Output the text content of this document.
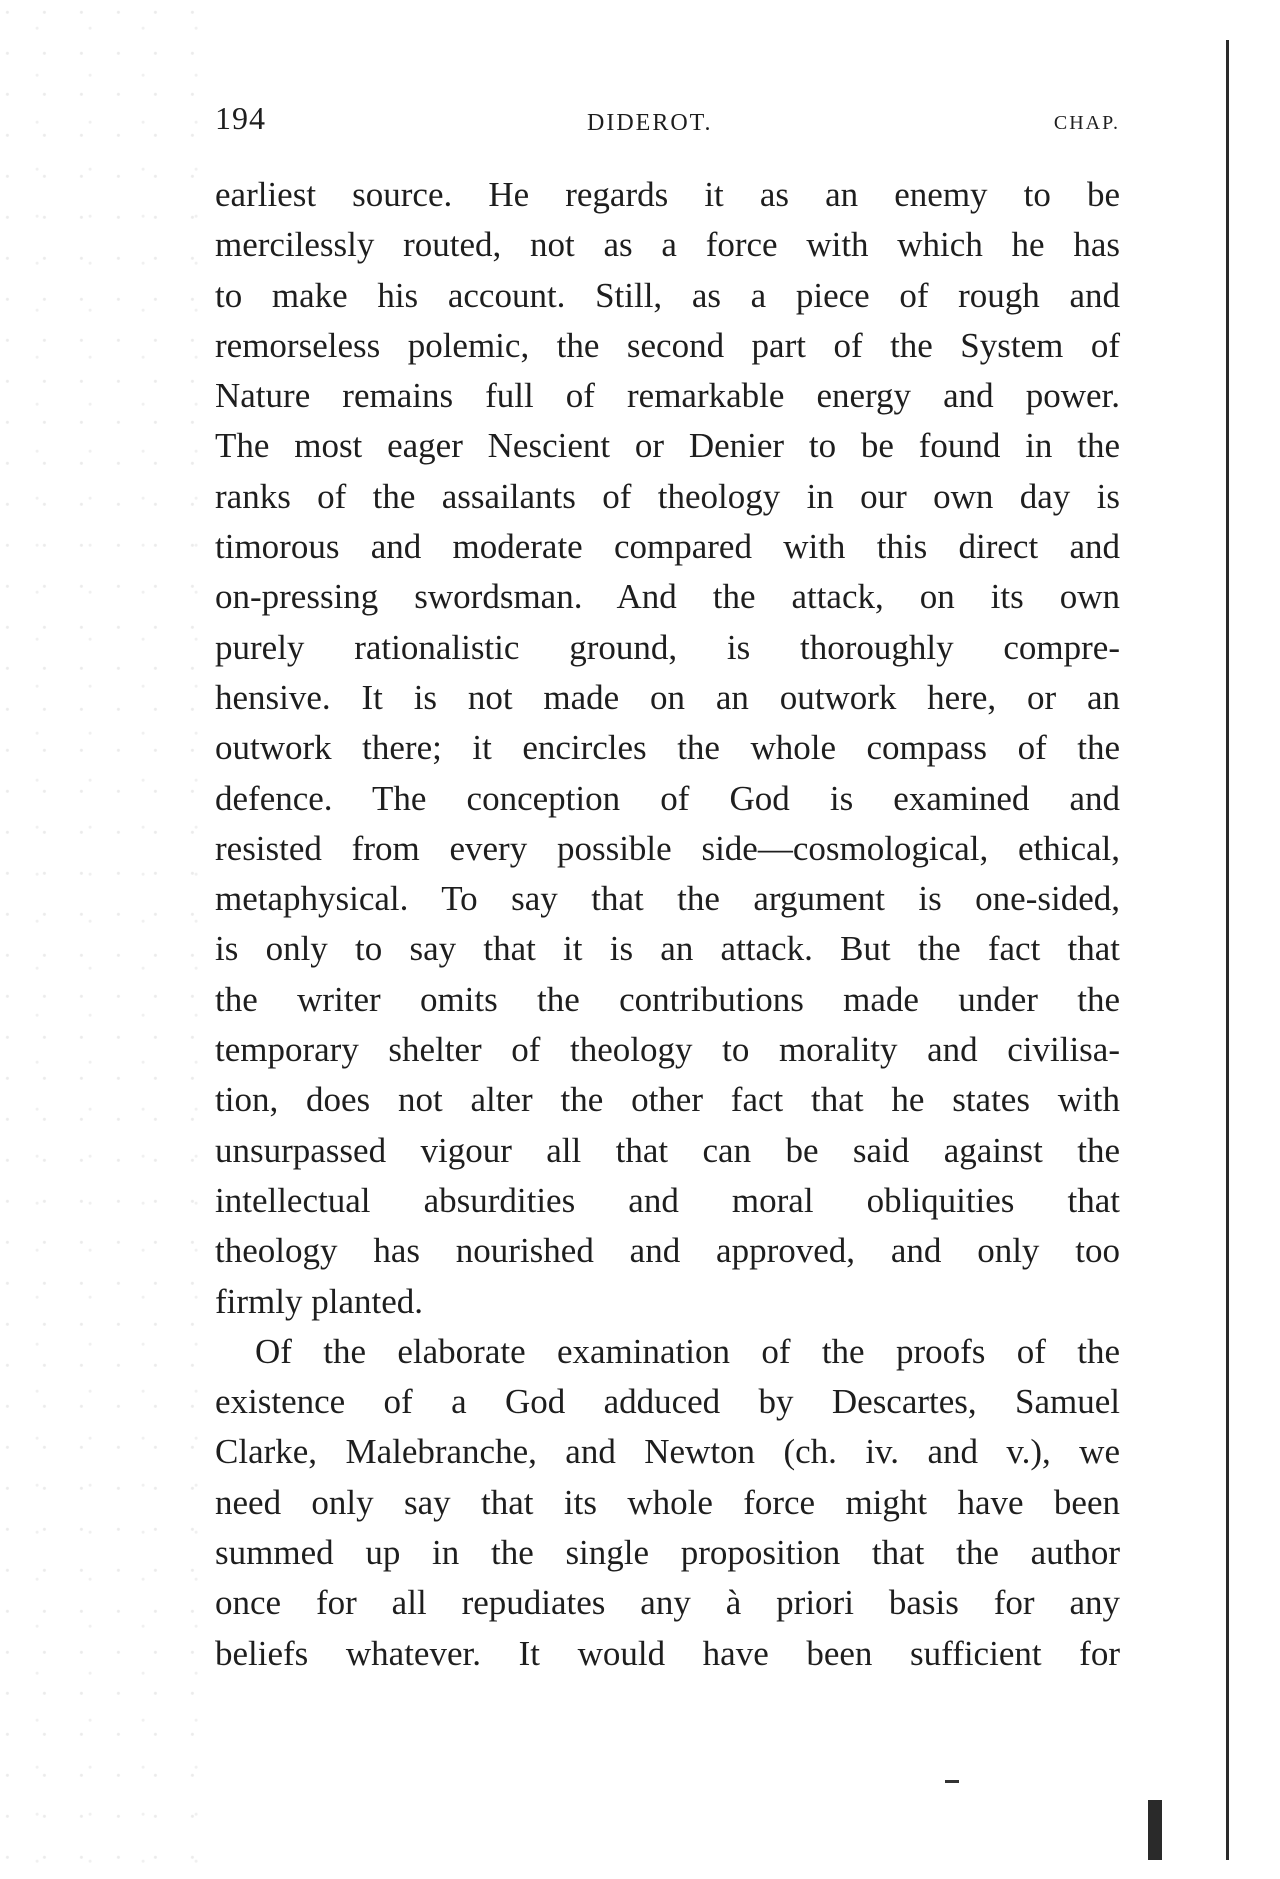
194	DIDEROT.	CHAP.
earliest source. He regards it as an enemy to be
mercilessly routed, not as a force with which he has
to make his account. Still, as a piece of rough and
remorseless polemic, the second part of the System of
Nature remains full of remarkable energy and power.
The most eager Nescient or Denier to be found in the
ranks of the assailants of theology in our own day is
timorous and moderate compared with this direct and
on-pressing swordsman. And the attack, on its own
purely rationalistic ground, is thoroughly compre-
hensive. It is not made on an outwork here, or an
outwork there; it encircles the whole compass of the
defence. The conception of God is examined and
resisted from every possible side—cosmological, ethical,
metaphysical. To say that the argument is one-sided,
is only to say that it is an attack. But the fact that
the writer omits the contributions made under the
temporary shelter of theology to morality and civilisa-
tion, does not alter the other fact that he states with
unsurpassed vigour all that can be said against the
intellectual absurdities and moral obliquities that
theology has nourished and approved, and only too
firmly planted.
Of the elaborate examination of the proofs of the
existence of a God adduced by Descartes, Samuel
Clarke, Malebranche, and Newton (ch. iv. and v.), we
need only say that its whole force might have been
summed up in the single proposition that the author
once for all repudiates any à priori basis for any
beliefs whatever. It would have been sufficient for
